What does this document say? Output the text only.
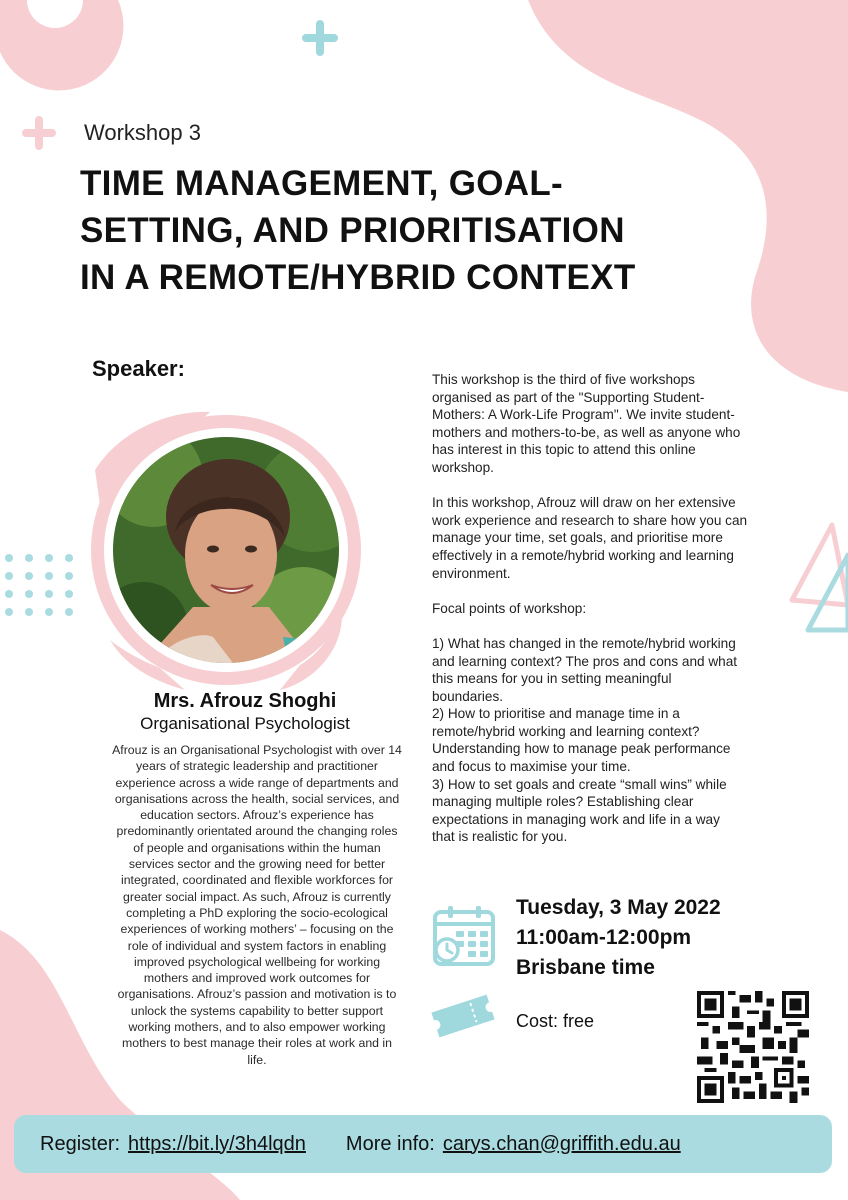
Workshop 3
TIME MANAGEMENT, GOAL-
SETTING, AND PRIORITISATION
IN A REMOTE/HYBRID CONTEXT
Speaker:
Mrs. Afrouz Shoghi
Organisational Psychologist

Afrouz is an Organisational Psychologist with over 14 years of strategic leadership and practitioner experience across a wide range of departments and organisations across the health, social services, and education sectors. Afrouz’s experience has predominantly orientated around the changing roles of people and organisations within the human services sector and the growing need for better integrated, coordinated and flexible workforces for greater social impact. As such, Afrouz is currently completing a PhD exploring the socio-ecological experiences of working mothers’ – focusing on the role of individual and system factors in enabling improved psychological wellbeing for working mothers and improved work outcomes for organisations. Afrouz’s passion and motivation is to unlock the systems capability to better support working mothers, and to also empower working mothers to best manage their roles at work and in life.

This workshop is the third of five workshops
organised as part of the "Supporting Student-
Mothers: A Work-Life Program". We invite student-
mothers and mothers-to-be, as well as anyone who
has interest in this topic to attend this online
workshop.

In this workshop, Afrouz will draw on her extensive
work experience and research to share how you can
manage your time, set goals, and prioritise more
effectively in a remote/hybrid working and learning
environment.

Focal points of workshop:

1) What has changed in the remote/hybrid working
and learning context? The pros and cons and what
this means for you in setting meaningful
boundaries.

2) How to prioritise and manage time in a
remote/hybrid working and learning context?
Understanding how to manage peak performance
and focus to maximise your time.

3) How to set goals and create “small wins” while
managing multiple roles? Establishing clear
expectations in managing work and life in a way
that is realistic for you.

Tuesday, 3 May 2022
11:00am-12:00pm
Brisbane time
Cost: free
Register: https://bit.ly/3h4lqdn More info: carys.chan@griffith.edu.au
